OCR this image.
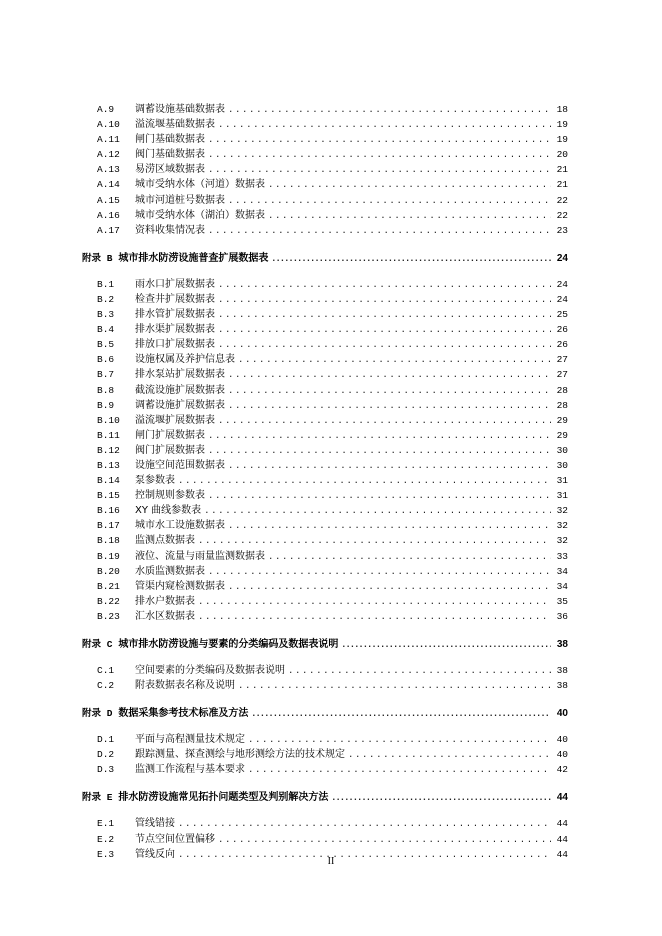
A.9	调蓄设施基础数据表 .....	18
A.10	溢流堰基础数据表 .....	19
A.11	闸门基础数据表 .....	19
A.12	阀门基础数据表 .....	20
A.13	易涝区域数据表 .....	21
A.14	城市受纳水体（河道）数据表 .....	21
A.15	城市河道桩号数据表 .....	22
A.16	城市受纳水体（湖泊）数据表 .....	22
A.17	资料收集情况表 .....	23
附录 B 城市排水防涝设施普查扩展数据表 .....	24
B.1	雨水口扩展数据表 .....	24
B.2	检查井扩展数据表 .....	24
B.3	排水管扩展数据表 .....	25
B.4	排水渠扩展数据表 .....	26
B.5	排放口扩展数据表 .....	26
B.6	设施权属及养护信息表 .....	27
B.7	排水泵站扩展数据表 .....	27
B.8	截流设施扩展数据表 .....	28
B.9	调蓄设施扩展数据表 .....	28
B.10	溢流堰扩展数据表 .....	29
B.11	闸门扩展数据表 .....	29
B.12	阀门扩展数据表 .....	30
B.13	设施空间范围数据表 .....	30
B.14	泵参数表 .....	31
B.15	控制规则参数表 .....	31
B.16	XY 曲线参数表 .....	32
B.17	城市水工设施数据表 .....	32
B.18	监测点数据表 .....	32
B.19	液位、流量与雨量监测数据表 .....	33
B.20	水质监测数据表 .....	34
B.21	管渠内窥检测数据表 .....	34
B.22	排水户数据表 .....	35
B.23	汇水区数据表 .....	36
附录 C 城市排水防涝设施与要素的分类编码及数据表说明 .....	38
C.1	空间要素的分类编码及数据表说明 .....	38
C.2	附表数据表名称及说明 .....	38
附录 D 数据采集参考技术标准及方法 .....	40
D.1	平面与高程测量技术规定 .....	40
D.2	跟踪测量、探查测绘与地形测绘方法的技术规定 .....	40
D.3	监测工作流程与基本要求 .....	42
附录 E 排水防涝设施常见拓扑问题类型及判别解决方法 .....	44
E.1	管线错接 .....	44
E.2	节点空间位置偏移 .....	44
E.3	管线反向 .....	44
II
